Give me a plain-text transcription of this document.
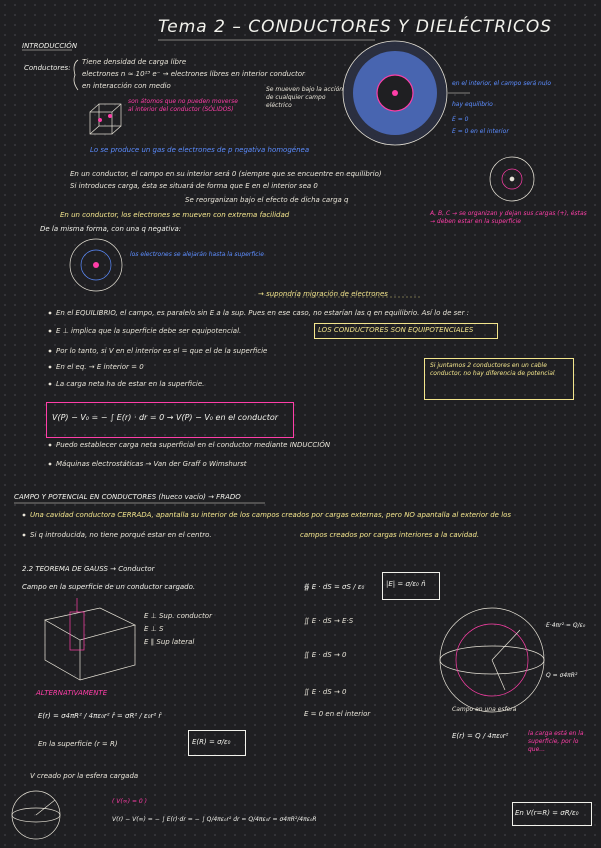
Tema 2 – CONDUCTORES Y DIELÉCTRICOS
INTRODUCCIÓN
Conductores:
Tiene densidad de carga libre
electrones n ≈ 10²³ e⁻ → electrones libres en interior conductor
en interacción con medio
son átomos que no pueden moverse al interior del conductor (SÓLIDOS)
Se mueven bajo la acción de cualquier campo eléctrico
Lo se produce un gas de electrones de p negativa homogénea
en el interior, el campo será nulo
hay equilibrio
E = 0
E = 0 en el interior
En un conductor, el campo en su interior será 0 (siempre que se encuentre en equilibrio)
Si introduces carga, ésta se situará de forma que E en el interior sea 0
Se reorganizan bajo el efecto de dicha carga q
En un conductor, los electrones se mueven con extrema facilidad
De la misma forma, con una q negativa:
A, B, C → se organizan y dejan sus cargas (+), éstas → deben estar en la superficie
los electrones se alejarán hasta la superficie
→ supondría migración de electrones
En el EQUILIBRIO, el campo, es paralelo sin E a la sup. Pues en ese caso, no estarían las q en equilibrio. Así lo de ser :
E ⊥ implica que la superficie debe ser equipotencial.	LOS CONDUCTORES SON EQUIPOTENCIALES
Por lo tanto, si V en el interior es el = que el de la superficie
En el eq. → E interior = 0
La carga neta ha de estar en la superficie.
Si juntamos 2 conductores en un cable conductor, no hay diferencia de potencial
V(P) − V₀ = − ∫ E(r) · dr = 0 → V(P) − V₀ en el conductor
Puedo establecer carga neta superficial en el conductor mediante INDUCCIÓN
Máquinas electrostáticas → Van der Graff o Wimshurst
CAMPO Y POTENCIAL EN CONDUCTORES (hueco vacío) → FRADO
Una cavidad conductora CERRADA, apantalla su interior de los campos creados por cargas externas, pero NO apantalla al exterior de los
Si q introducida, no tiene porqué estar en el centro.	campos creados por cargas interiores a la cavidad.
2.2 TEOREMA DE GAUSS → Conductor
Campo en la superficie de un conductor cargado.
E ⊥ Sup. conductor
E ⊥ S
E ∥ Sup lateral
∯ E · dS = σS / ε₀	|E| = σ/ε₀ n̂
∬ E · dS → E·S
∬ E · dS → 0
∬ E · dS → 0
E = 0 en el interior
E·4πr² = Q/ε₀
Q = σ4πR²
Campo en una esfera
E(r) = Q / 4πε₀r²	la carga está en la superficie, por lo que...
ALTERNATIVAMENTE
E(r) = σ4πR² / 4πε₀r² r̂ = σR² / ε₀r² r̂
En la superficie (r = R)	E(R) = σ/ε₀
V creado por la esfera cargada
( V(∞) = 0 )
V(r) − V(∞) = − ∫ E(r)·dr = − ∫ Q/4πε₀r² dr = Q/4πε₀r = σ4πR²/4πε₀R
En V(r=R) = σR/ε₀
